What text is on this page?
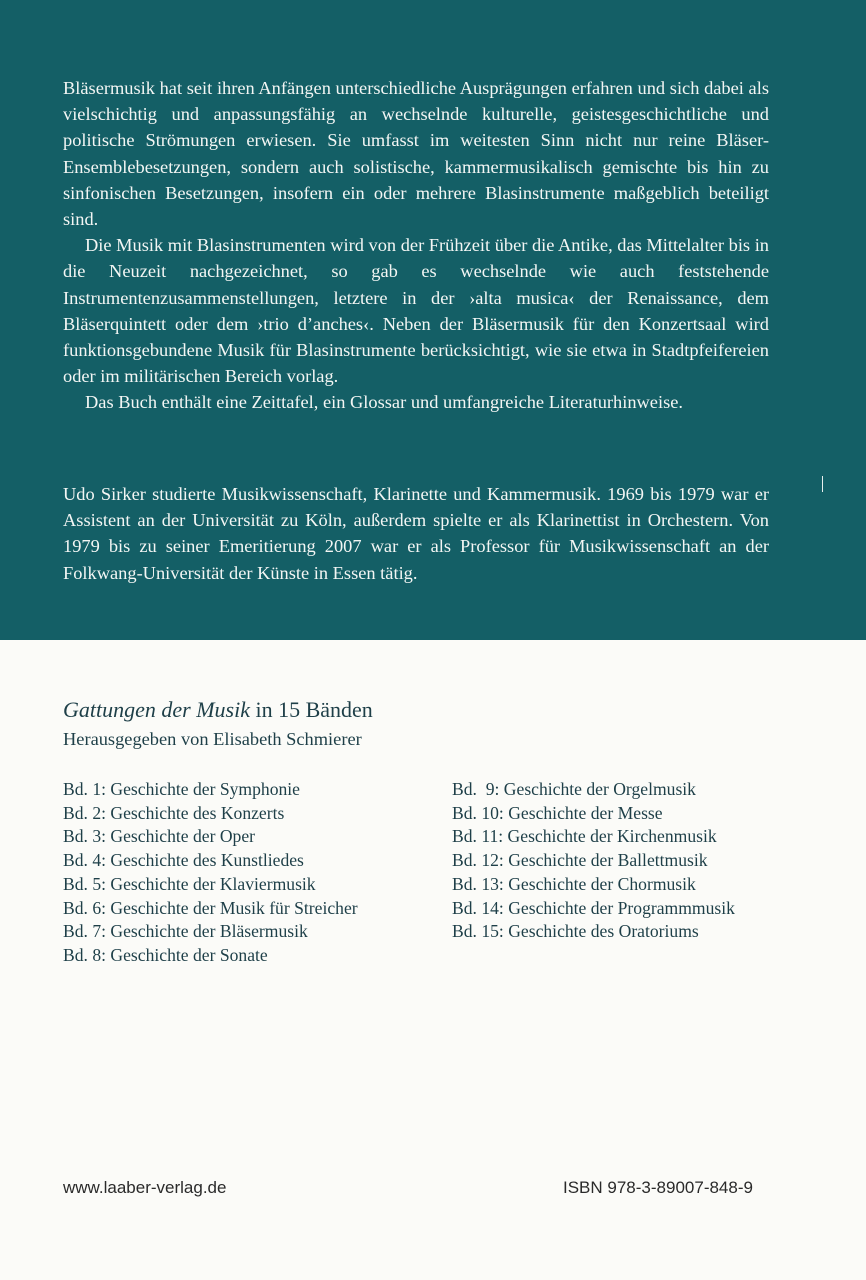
Bläsermusik hat seit ihren Anfängen unterschiedliche Ausprägungen erfahren und sich dabei als vielschichtig und anpassungsfähig an wechselnde kulturelle, geistesgeschichtliche und politische Strömungen erwiesen. Sie umfasst im weitesten Sinn nicht nur reine Bläser-Ensemblebesetzungen, sondern auch solistische, kammermusikalisch gemischte bis hin zu sinfonischen Besetzungen, insofern ein oder mehrere Blasinstrumente maßgeblich beteiligt sind.

Die Musik mit Blasinstrumenten wird von der Frühzeit über die Antike, das Mittelalter bis in die Neuzeit nachgezeichnet, so gab es wechselnde wie auch feststehende Instrumentenzusammenstellungen, letztere in der ›alta musica‹ der Renaissance, dem Bläserquintett oder dem ›trio d’anches‹. Neben der Bläsermusik für den Konzertsaal wird funktionsgebundene Musik für Blasinstrumente berücksichtigt, wie sie etwa in Stadtpfeifereien oder im militärischen Bereich vorlag.

Das Buch enthält eine Zeittafel, ein Glossar und umfangreiche Literaturhinweise.

Udo Sirker studierte Musikwissenschaft, Klarinette und Kammermusik. 1969 bis 1979 war er Assistent an der Universität zu Köln, außerdem spielte er als Klarinettist in Orchestern. Von 1979 bis zu seiner Emeritierung 2007 war er als Professor für Musikwissenschaft an der Folkwang-Universität der Künste in Essen tätig.

Gattungen der Musik in 15 Bänden

Herausgegeben von Elisabeth Schmierer

Bd. 1: Geschichte der Symphonie
Bd. 2: Geschichte des Konzerts
Bd. 3: Geschichte der Oper
Bd. 4: Geschichte des Kunstliedes
Bd. 5: Geschichte der Klaviermusik
Bd. 6: Geschichte der Musik für Streicher
Bd. 7: Geschichte der Bläsermusik
Bd. 8: Geschichte der Sonate
Bd.  9: Geschichte der Orgelmusik
Bd. 10: Geschichte der Messe
Bd. 11: Geschichte der Kirchenmusik
Bd. 12: Geschichte der Ballettmusik
Bd. 13: Geschichte der Chormusik
Bd. 14: Geschichte der Programmmusik
Bd. 15: Geschichte des Oratoriums
www.laaber-verlag.de	ISBN 978-3-89007-848-9
